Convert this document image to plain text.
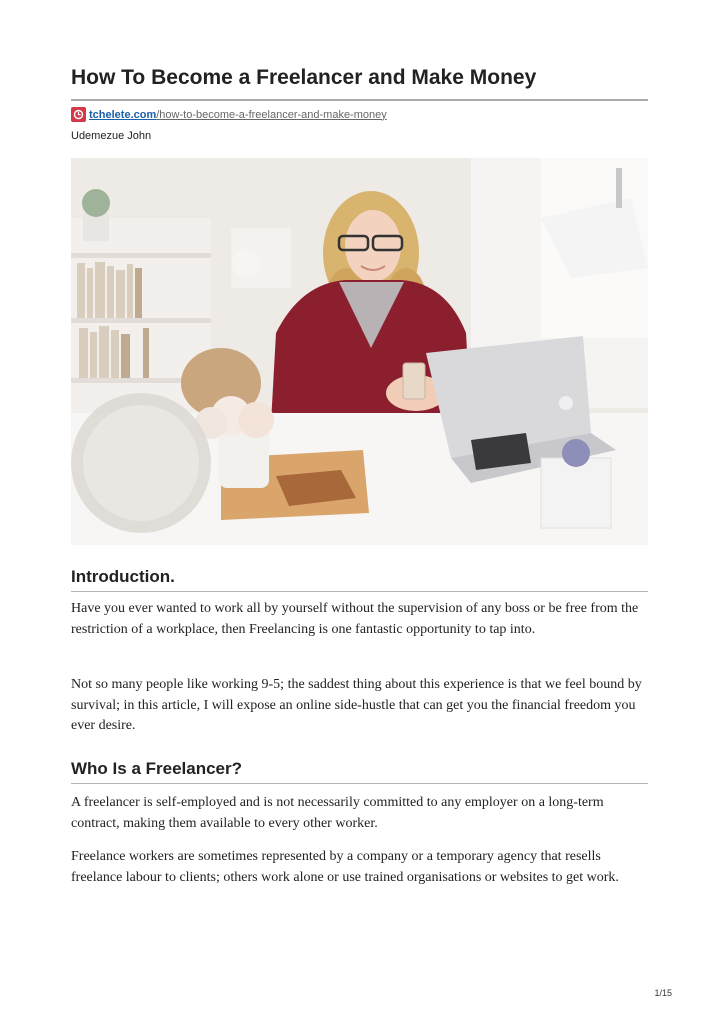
How To Become a Freelancer and Make Money
tchelete.com /how-to-become-a-freelancer-and-make-money
Udemezue John
Introduction.

Have you ever wanted to work all by yourself without the supervision of any boss or be free from the restriction of a workplace, then Freelancing is one fantastic opportunity to tap into.

Not so many people like working 9-5; the saddest thing about this experience is that we feel bound by survival; in this article, I will expose an online side-hustle that can get you the financial freedom you ever desire.

Who Is a Freelancer?

A freelancer is self-employed and is not necessarily committed to any employer on a long-term contract, making them available to every other worker.

Freelance workers are sometimes represented by a company or a temporary agency that resells freelance labour to clients; others work alone or use trained organisations or websites to get work.

1/15
